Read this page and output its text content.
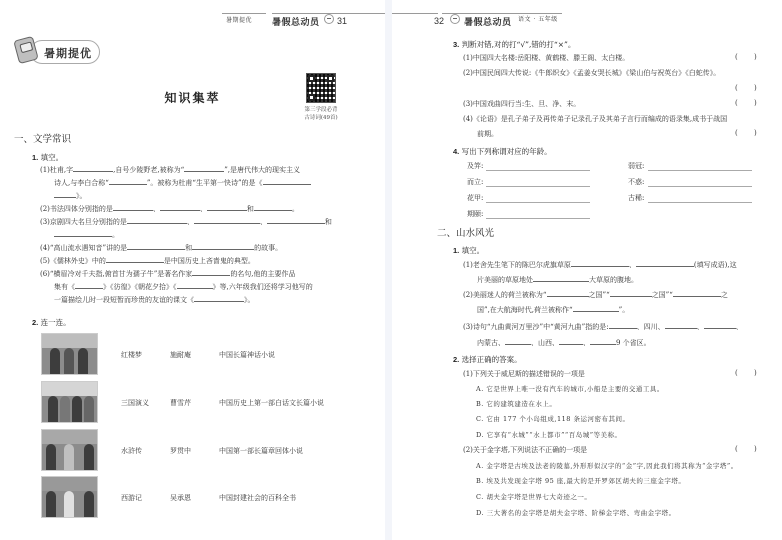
暑期提优 暑假总动员 31
暑期提优
知识集萃
第三学段必背
古诗词(49首)
一、文学常识
1. 填空。
(1)杜甫,字	,自号少陵野老,被称为“	”,是唐代伟大的现实主义
诗人,与李白合称“	”。被称为杜甫“生平第一快诗”的是《
》。
(2)书法四体分别指的是	、	、	和	。
(3)京剧四大名旦分别指的是	、	、	和
。
(4)“高山流水遇知音”讲的是	和	的故事。
(5)《儒林外史》中的	是中国历史上吝啬鬼的典型。
(6)“横眉冷对千夫指,俯首甘为孺子牛”是著名作家	的名句,他的主要作品
集有《	》《彷徨》《朝花夕拾》《	》等,六年级我们还将学习他写的
一篇描绘儿时一段短暂而珍贵的友谊的课文《	》。
2. 连一连。
红楼梦	施耐庵	中国长篇神话小说
三国演义	曹雪芹	中国历史上第一部白话文长篇小说
水浒传	罗贯中	中国第一部长篇章回体小说
西游记	吴承恩	中国封建社会的百科全书
32 暑假总动员 语文 · 五年级
3. 判断对错,对的打“√”,错的打“×”。
(1)中国四大名楼:岳阳楼、黄鹤楼、滕王阁、太白楼。	( )
(2)中国民间四大传说:《牛郎织女》《孟姜女哭长城》《梁山伯与祝英台》《白蛇传》。
( )
(3)中国戏曲四行当:生、旦、净、末。	( )
(4)《论语》是孔子弟子及再传弟子记录孔子及其弟子言行而编成的语录集,成书于战国
前期。	( )
4. 写出下列称谓对应的年龄。
及笄:	弱冠:
而立:	不惑:
花甲:	古稀:
期颐:
二、山水风光
1. 填空。
(1)老舍先生笔下的陈巴尔虎旗草原	、	(填写成语),这
片美丽的草原地处	大草原的腹地。
(2)美丽迷人的荷兰被称为“	之国”“	之国”“	之
国”,在大航海时代,荷兰被称作“	”。
(3)诗句“九曲黄河万里沙”中“黄河九曲”指的是:	、四川、	、	、
内蒙古、	、山西、	、	9 个省区。
2. 选择正确的答案。
(1)下列关于威尼斯的描述错误的一项是	( )
A. 它是世界上唯一没有汽车的城市,小船是主要的交通工具。
B. 它的建筑建造在水上。
C. 它由 177 个小岛组成,118 条运河密布其间。
D. 它享有“水城”“水上都市”“百岛城”等美称。
(2)关于金字塔,下列说法不正确的一项是	( )
A. 金字塔是古埃及法老的陵墓,外形形似汉字的“金”字,因此我们将其称为“金字塔”。
B. 埃及共发现金字塔 95 座,最大的是开罗郊区胡夫的三座金字塔。
C. 胡夫金字塔是世界七大奇迹之一。
D. 三大著名的金字塔是胡夫金字塔、阶梯金字塔、弯曲金字塔。
